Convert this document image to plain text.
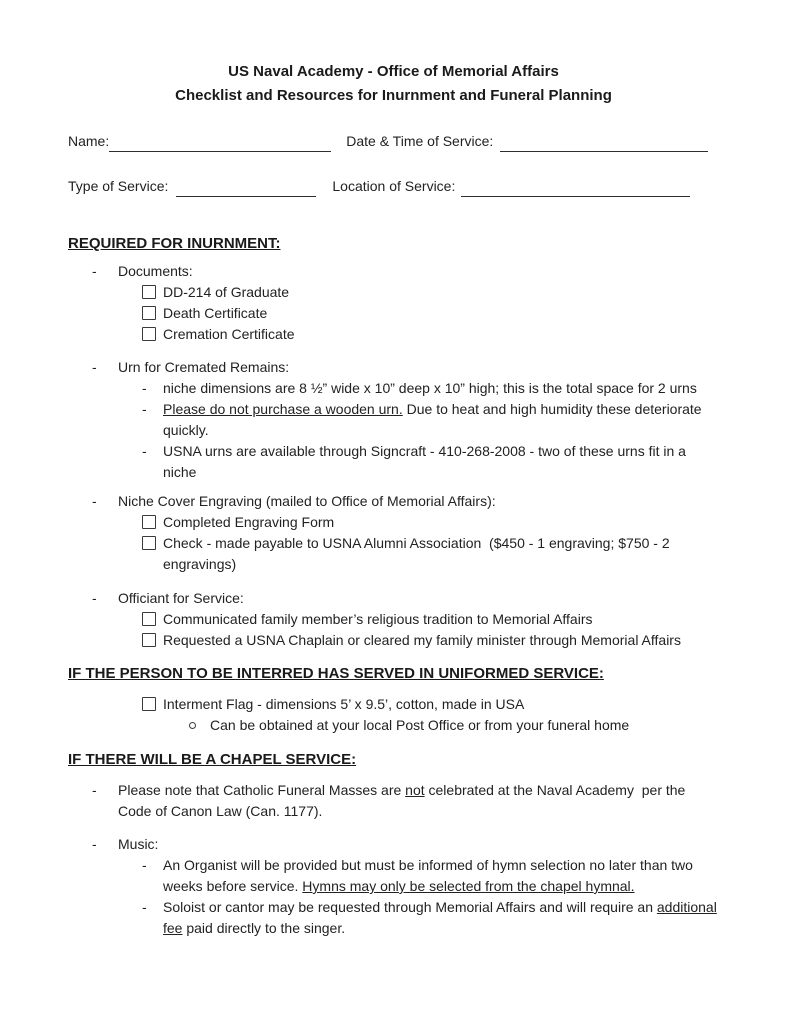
US Naval Academy - Office of Memorial Affairs
Checklist and Resources for Inurnment and Funeral Planning
Name:	Date & Time of Service:
Type of Service:	Location of Service:
REQUIRED FOR INURNMENT:
-	Documents:
DD-214 of Graduate
Death Certificate
Cremation Certificate
-	Urn for Cremated Remains:
-	niche dimensions are 8 ½” wide x 10” deep x 10” high; this is the total space for 2 urns
-	Please do not purchase a wooden urn. Due to heat and high humidity these deteriorate quickly.
-	USNA urns are available through Signcraft - 410-268-2008 - two of these urns fit in a niche
-	Niche Cover Engraving (mailed to Office of Memorial Affairs):
Completed Engraving Form
Check - made payable to USNA Alumni Association  ($450 - 1 engraving; $750 - 2 engravings)
-	Officiant for Service:
Communicated family member’s religious tradition to Memorial Affairs
Requested a USNA Chaplain or cleared my family minister through Memorial Affairs
IF THE PERSON TO BE INTERRED HAS SERVED IN UNIFORMED SERVICE:
Interment Flag - dimensions 5’ x 9.5’, cotton, made in USA
Can be obtained at your local Post Office or from your funeral home
IF THERE WILL BE A CHAPEL SERVICE:
-	Please note that Catholic Funeral Masses are not celebrated at the Naval Academy  per the Code of Canon Law (Can. 1177).
-	Music:
-	An Organist will be provided but must be informed of hymn selection no later than two weeks before service. Hymns may only be selected from the chapel hymnal.
-	Soloist or cantor may be requested through Memorial Affairs and will require an additional fee paid directly to the singer.
